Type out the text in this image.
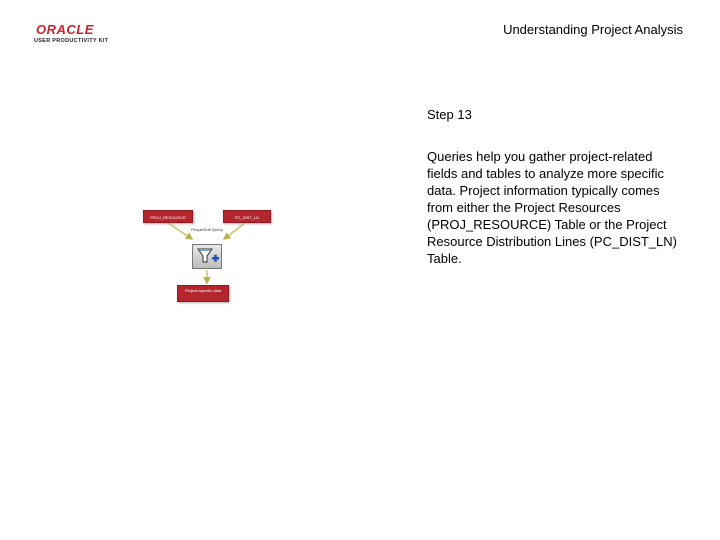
ORACLE
USER PRODUCTIVITY KIT
Understanding Project Analysis
Step 13
Queries help you gather project-related fields and tables to analyze more specific data. Project information typically comes from either the Project Resources (PROJ_RESOURCE) Table or the Project Resource Distribution Lines (PC_DIST_LN) Table.
PROJ_RESOURCE	PC_DIST_LN
PeopleSoft Query
Project-specific data
